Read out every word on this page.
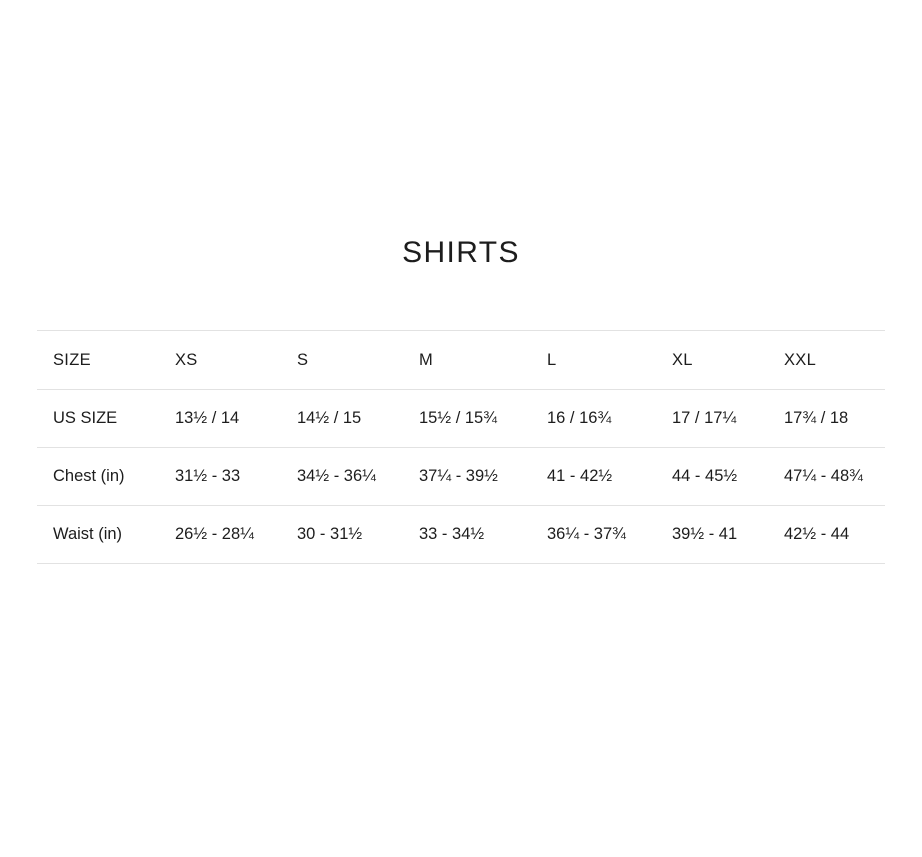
SHIRTS
SIZE	XS	S	M	L	XL	XXL
US SIZE	13½ / 14	14½ / 15	15½ / 15¾	16 / 16¾	17 / 17¼	17¾ / 18
Chest (in)	31½ - 33	34½ - 36¼	37¼ - 39½	41 - 42½	44 - 45½	47¼ - 48¾
Waist (in)	26½ - 28¼	30 - 31½	33 - 34½	36¼ - 37¾	39½ - 41	42½ - 44
